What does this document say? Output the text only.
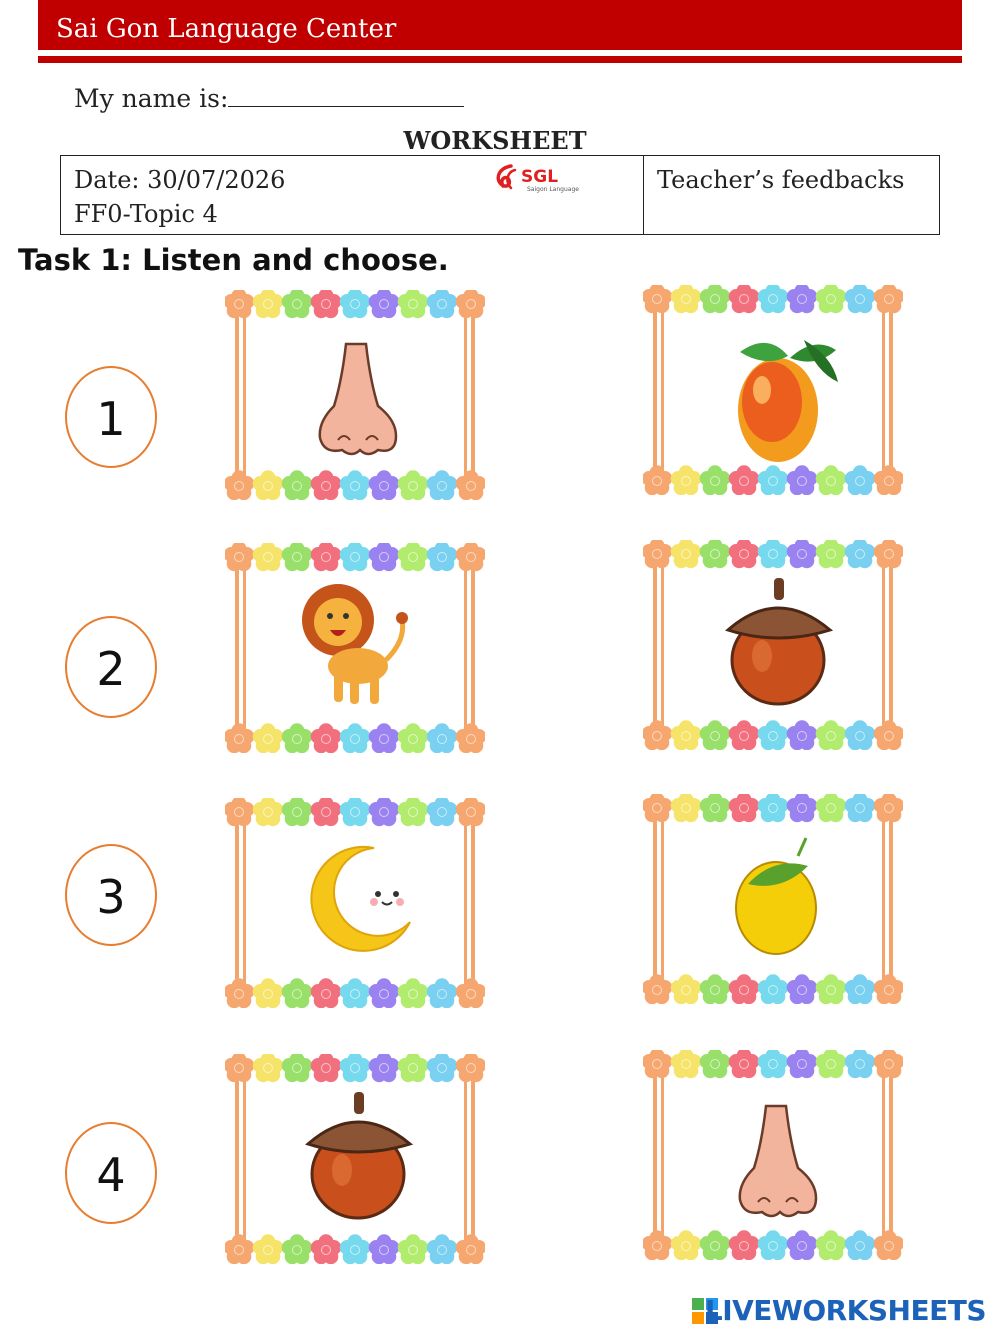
Sai Gon Language Center
My name is:
WORKSHEET
Date: 30/07/2026
FF0-Topic 4
SGL
Saigon Language	Teacher’s feedbacks
Task 1: Listen and choose.
1
2
3
4
LIVEWORKSHEETS
